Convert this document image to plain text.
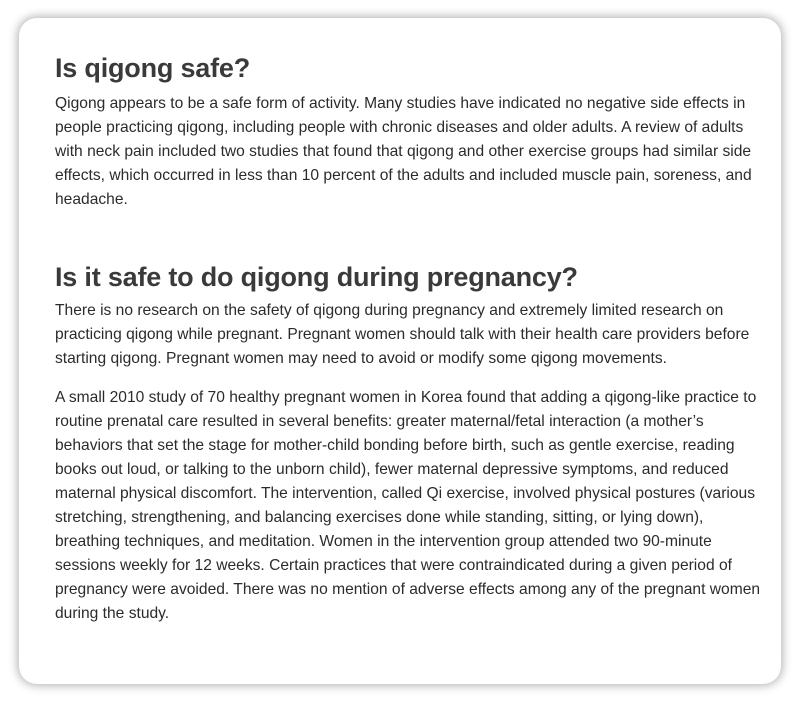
Is qigong safe?

Qigong appears to be a safe form of activity. Many studies have indicated no negative side effects in people practicing qigong, including people with chronic diseases and older adults. A review of adults with neck pain included two studies that found that qigong and other exercise groups had similar side effects, which occurred in less than 10 percent of the adults and included muscle pain, soreness, and headache.

Is it safe to do qigong during pregnancy?

There is no research on the safety of qigong during pregnancy and extremely limited research on practicing qigong while pregnant. Pregnant women should talk with their health care providers before starting qigong. Pregnant women may need to avoid or modify some qigong movements.

A small 2010 study of 70 healthy pregnant women in Korea found that adding a qigong-like practice to routine prenatal care resulted in several benefits: greater maternal/fetal interaction (a mother’s behaviors that set the stage for mother-child bonding before birth, such as gentle exercise, reading books out loud, or talking to the unborn child), fewer maternal depressive symptoms, and reduced maternal physical discomfort. The intervention, called Qi exercise, involved physical postures (various stretching, strengthening, and balancing exercises done while standing, sitting, or lying down), breathing techniques, and meditation. Women in the intervention group attended two 90-minute sessions weekly for 12 weeks. Certain practices that were contraindicated during a given period of pregnancy were avoided. There was no mention of adverse effects among any of the pregnant women during the study.
